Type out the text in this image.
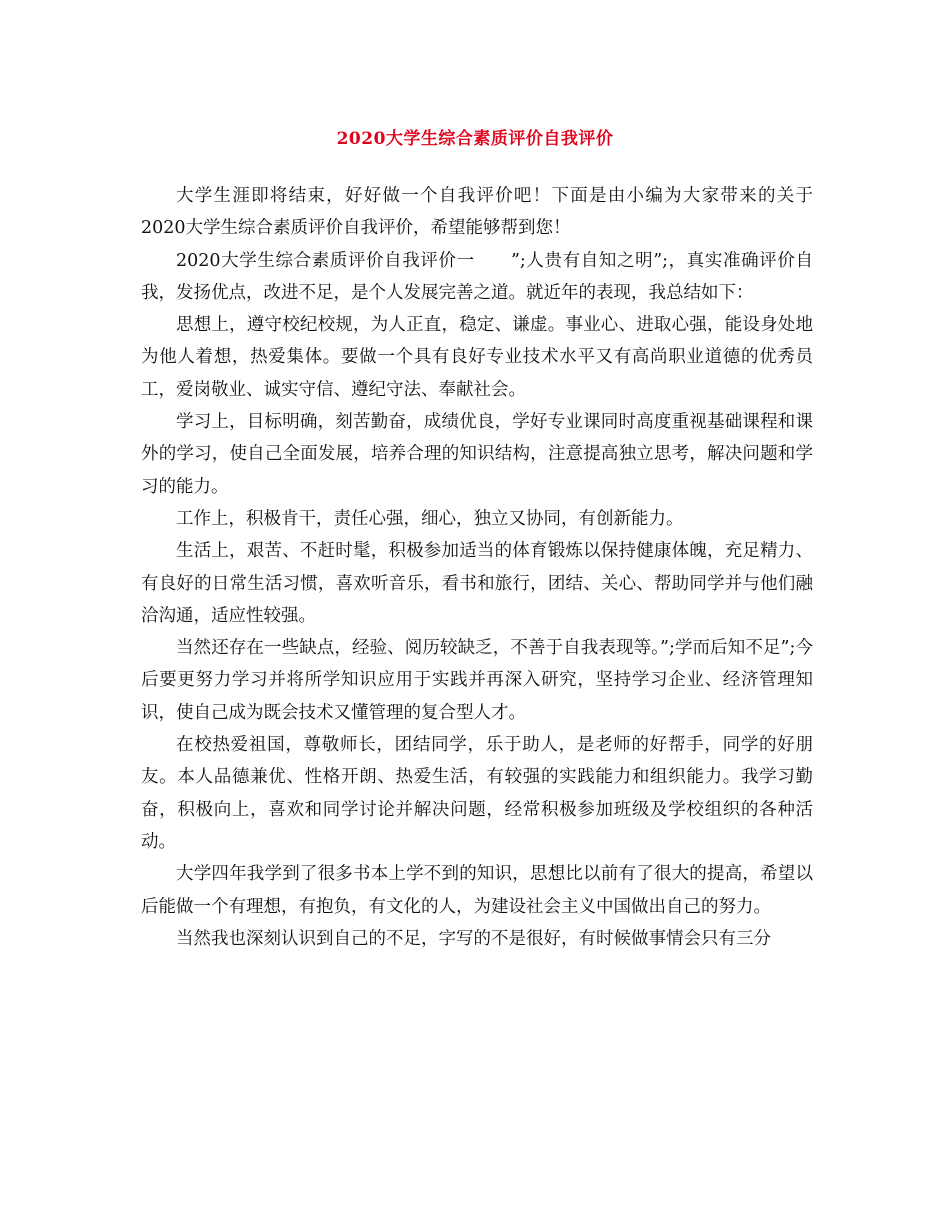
2020大学生综合素质评价自我评价

大学生涯即将结束，好好做一个自我评价吧！下面是由小编为大家带来的关于2020大学生综合素质评价自我评价，希望能够帮到您！

2020大学生综合素质评价自我评价一　　”;人贵有自知之明”;，真实准确评价自我，发扬优点，改进不足，是个人发展完善之道。就近年的表现，我总结如下：

思想上，遵守校纪校规，为人正直，稳定、谦虚。事业心、进取心强，能设身处地为他人着想，热爱集体。要做一个具有良好专业技术水平又有高尚职业道德的优秀员工，爱岗敬业、诚实守信、遵纪守法、奉献社会。

学习上，目标明确，刻苦勤奋，成绩优良，学好专业课同时高度重视基础课程和课外的学习，使自己全面发展，培养合理的知识结构，注意提高独立思考，解决问题和学习的能力。

工作上，积极肯干，责任心强，细心，独立又协同，有创新能力。

生活上，艰苦、不赶时髦，积极参加适当的体育锻炼以保持健康体魄，充足精力、有良好的日常生活习惯，喜欢听音乐，看书和旅行，团结、关心、帮助同学并与他们融洽沟通，适应性较强。

当然还存在一些缺点，经验、阅历较缺乏，不善于自我表现等。”;学而后知不足”;今后要更努力学习并将所学知识应用于实践并再深入研究，坚持学习企业、经济管理知识，使自己成为既会技术又懂管理的复合型人才。

在校热爱祖国，尊敬师长，团结同学，乐于助人，是老师的好帮手，同学的好朋友。本人品德兼优、性格开朗、热爱生活，有较强的实践能力和组织能力。我学习勤奋，积极向上，喜欢和同学讨论并解决问题，经常积极参加班级及学校组织的各种活动。

大学四年我学到了很多书本上学不到的知识，思想比以前有了很大的提高，希望以后能做一个有理想，有抱负，有文化的人，为建设社会主义中国做出自己的努力。

当然我也深刻认识到自己的不足，字写的不是很好，有时候做事情会只有三分
